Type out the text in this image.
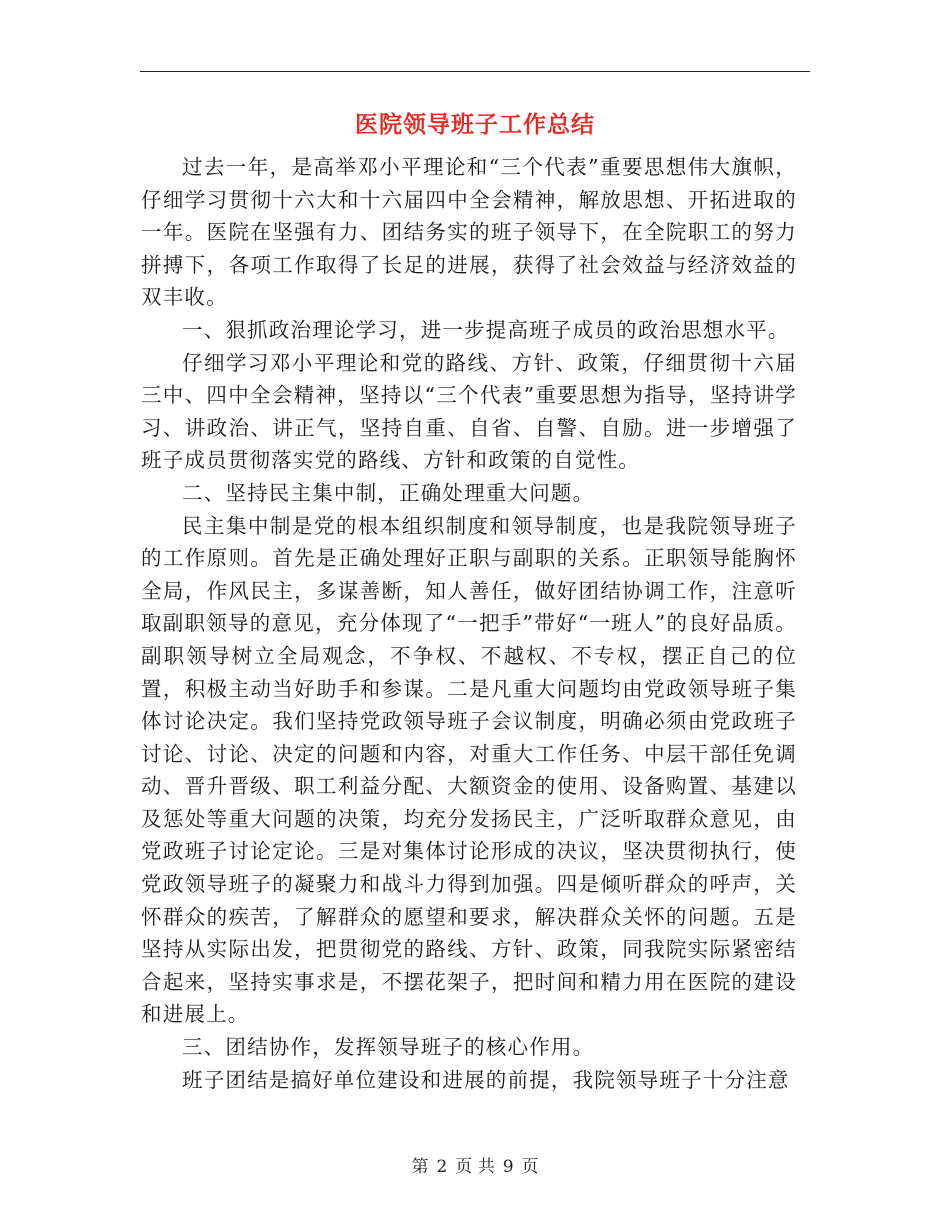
医院领导班子工作总结

过去一年，是高举邓小平理论和“三个代表”重要思想伟大旗帜，仔细学习贯彻十六大和十六届四中全会精神，解放思想、开拓进取的一年。医院在坚强有力、团结务实的班子领导下，在全院职工的努力拼搏下，各项工作取得了长足的进展，获得了社会效益与经济效益的双丰收。

一、狠抓政治理论学习，进一步提高班子成员的政治思想水平。

仔细学习邓小平理论和党的路线、方针、政策，仔细贯彻十六届三中、四中全会精神，坚持以“三个代表”重要思想为指导，坚持讲学习、讲政治、讲正气，坚持自重、自省、自警、自励。进一步增强了班子成员贯彻落实党的路线、方针和政策的自觉性。

二、坚持民主集中制，正确处理重大问题。

民主集中制是党的根本组织制度和领导制度，也是我院领导班子的工作原则。首先是正确处理好正职与副职的关系。正职领导能胸怀全局，作风民主，多谋善断，知人善任，做好团结协调工作，注意听取副职领导的意见，充分体现了“一把手”带好“一班人”的良好品质。副职领导树立全局观念，不争权、不越权、不专权，摆正自己的位置，积极主动当好助手和参谋。二是凡重大问题均由党政领导班子集体讨论决定。我们坚持党政领导班子会议制度，明确必须由党政班子讨论、讨论、决定的问题和内容，对重大工作任务、中层干部任免调动、晋升晋级、职工利益分配、大额资金的使用、设备购置、基建以及惩处等重大问题的决策，均充分发扬民主，广泛听取群众意见，由党政班子讨论定论。三是对集体讨论形成的决议，坚决贯彻执行，使党政领导班子的凝聚力和战斗力得到加强。四是倾听群众的呼声，关怀群众的疾苦，了解群众的愿望和要求，解决群众关怀的问题。五是坚持从实际出发，把贯彻党的路线、方针、政策，同我院实际紧密结合起来，坚持实事求是，不摆花架子，把时间和精力用在医院的建设和进展上。

三、团结协作，发挥领导班子的核心作用。

班子团结是搞好单位建设和进展的前提，我院领导班子十分注意

第 2 页 共 9 页
